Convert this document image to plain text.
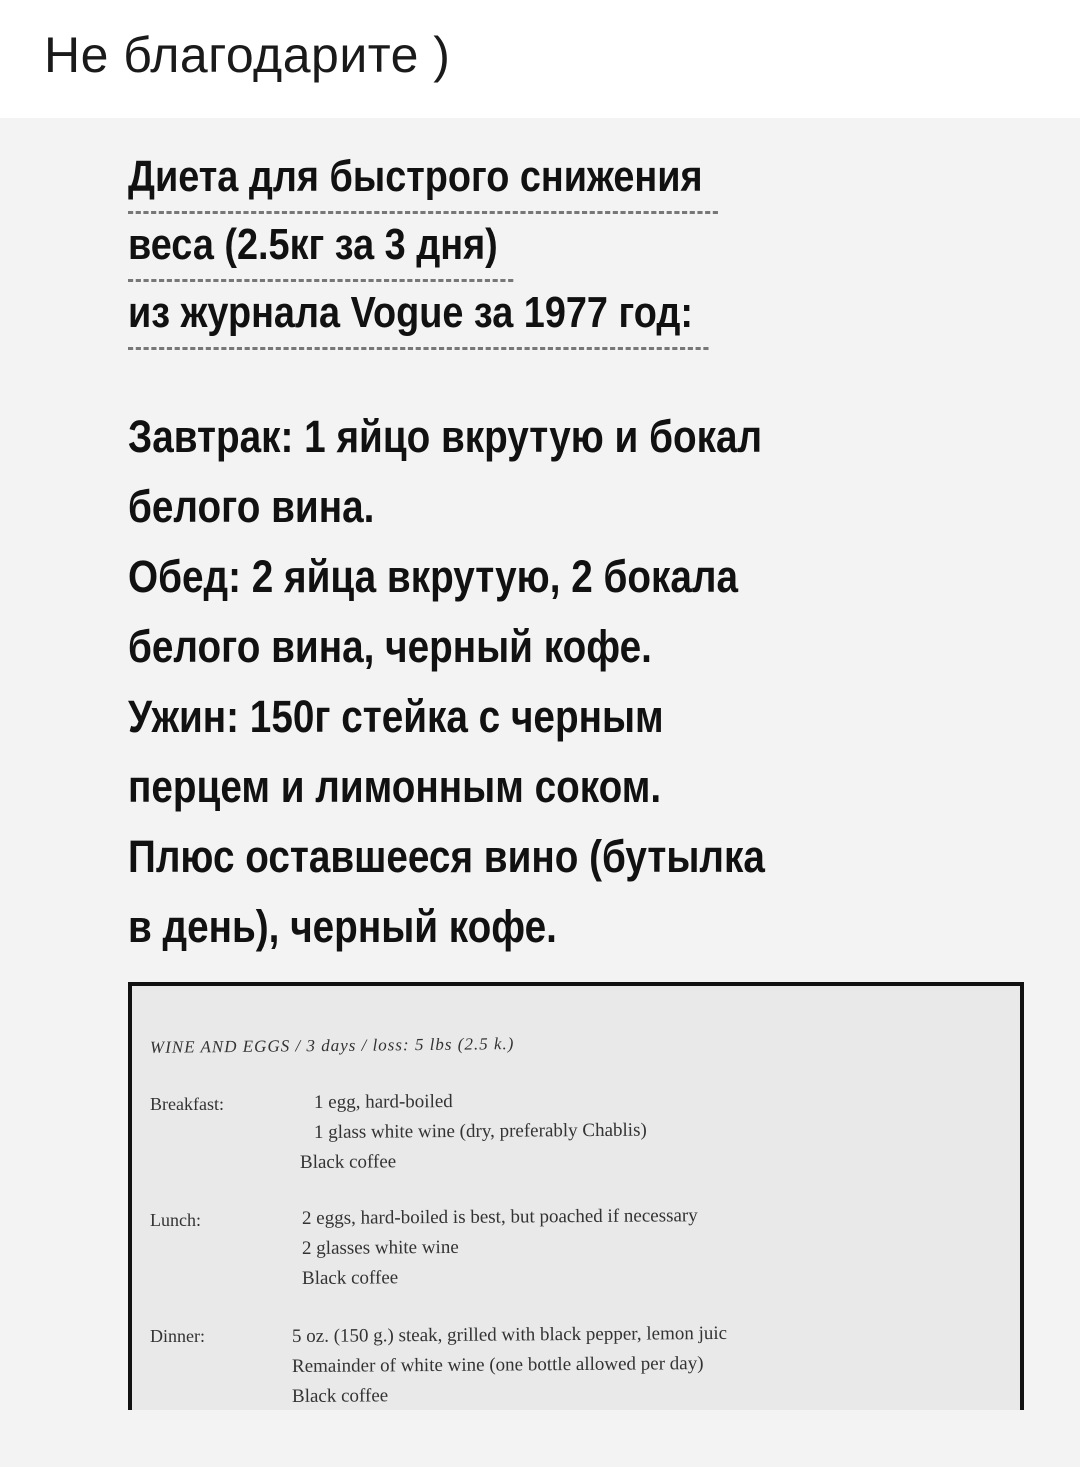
Не благодарите )
Диета для быстрого снижения
веса (2.5кг за 3 дня)
из журнала Vogue за 1977 год:
Завтрак: 1 яйцо вкрутую и бокал
белого вина.
Обед: 2 яйца вкрутую, 2 бокала
белого вина, черный кофе.
Ужин: 150г стейка с черным
перцем и лимонным соком.
Плюс оставшееся вино (бутылка
в день), черный кофе.
WINE AND EGGS / 3 days / loss: 5 lbs (2.5 k.)
Breakfast:	1 egg, hard-boiled
1 glass white wine (dry, preferably Chablis)
Black coffee
Lunch:	2 eggs, hard-boiled is best, but poached if necessary
2 glasses white wine
Black coffee
Dinner:	5 oz. (150 g.) steak, grilled with black pepper, lemon juic
Remainder of white wine (one bottle allowed per day)
Black coffee
